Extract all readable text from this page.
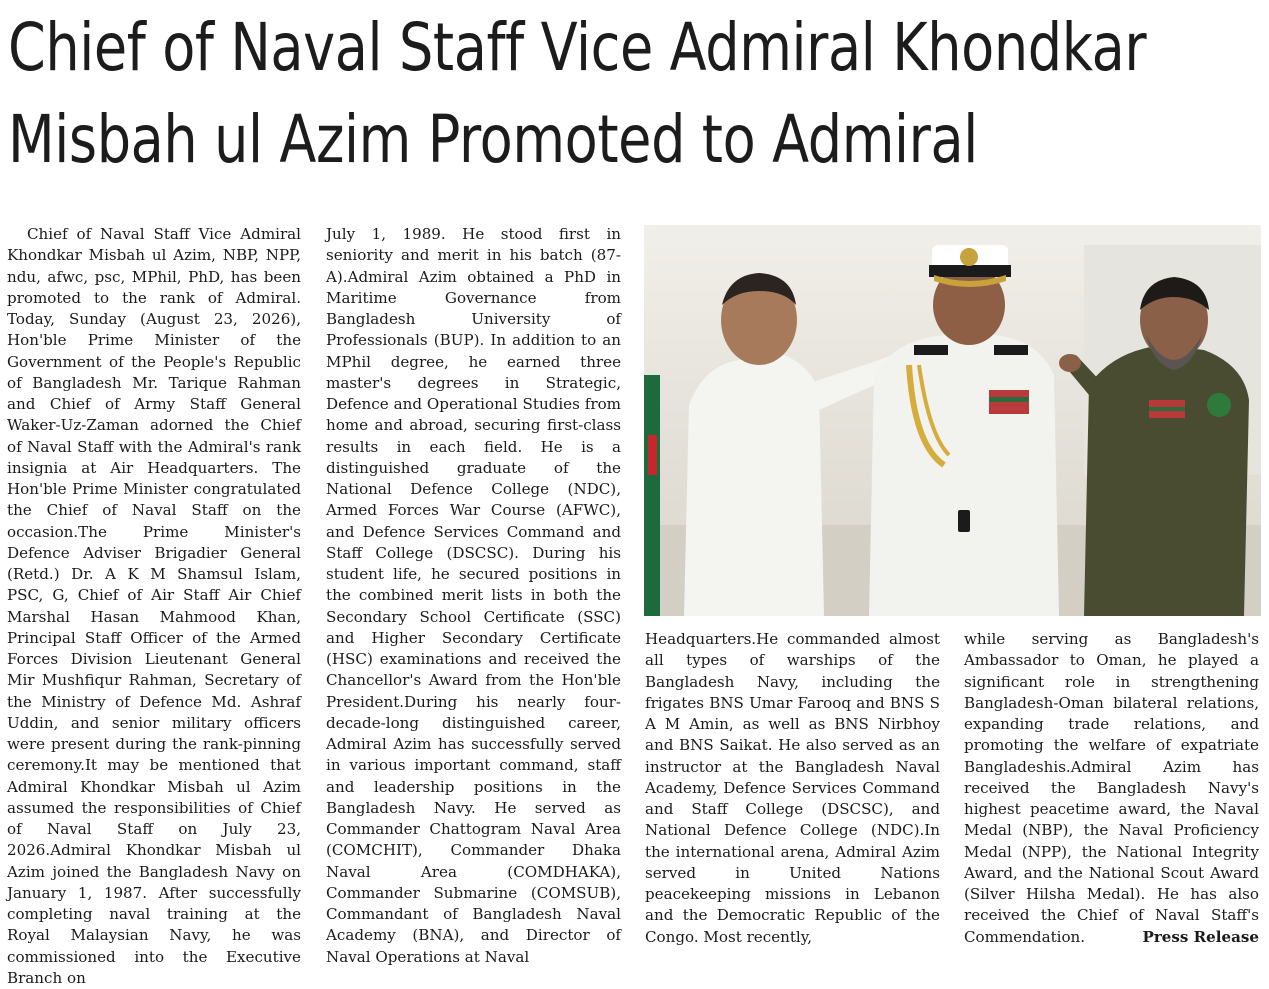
Chief of Naval Staff Vice Admiral Khondkar
Misbah ul Azim Promoted to Admiral

Chief of Naval Staff Vice Admiral Khondkar Misbah ul Azim, NBP, NPP, ndu, afwc, psc, MPhil, PhD, has been promoted to the rank of Admiral. Today, Sunday (August 23, 2026), Hon'ble Prime Minister of the Government of the People's Republic of Bangladesh Mr. Tarique Rahman and Chief of Army Staff General Waker-Uz-Zaman adorned the Chief of Naval Staff with the Admiral's rank insignia at Air Headquarters. The Hon'ble Prime Minister congratulated the Chief of Naval Staff on the occasion.The Prime Minister's Defence Adviser Brigadier General (Retd.) Dr. A K M Shamsul Islam, PSC, G, Chief of Air Staff Air Chief Marshal Hasan Mahmood Khan, Principal Staff Officer of the Armed Forces Division Lieutenant General Mir Mushfiqur Rahman, Secretary of the Ministry of Defence Md. Ashraf Uddin, and senior military officers were present during the rank-pinning ceremony.It may be mentioned that Admiral Khondkar Misbah ul Azim assumed the responsibilities of Chief of Naval Staff on July 23, 2026.Admiral Khondkar Misbah ul Azim joined the Bangladesh Navy on January 1, 1987. After successfully completing naval training at the Royal Malaysian Navy, he was commissioned into the Executive Branch on

July 1, 1989. He stood first in seniority and merit in his batch (87-A).Admiral Azim obtained a PhD in Maritime Governance from Bangladesh University of Professionals (BUP). In addition to an MPhil degree, he earned three master's degrees in Strategic, Defence and Operational Studies from home and abroad, securing first-class results in each field. He is a distinguished graduate of the National Defence College (NDC), Armed Forces War Course (AFWC), and Defence Services Command and Staff College (DSCSC). During his student life, he secured positions in the combined merit lists in both the Secondary School Certificate (SSC) and Higher Secondary Certificate (HSC) examinations and received the Chancellor's Award from the Hon'ble President.During his nearly four-decade-long distinguished career, Admiral Azim has successfully served in various important command, staff and leadership positions in the Bangladesh Navy. He served as Commander Chattogram Naval Area (COMCHIT), Commander Dhaka Naval Area (COMDHAKA), Commander Submarine (COMSUB), Commandant of Bangladesh Naval Academy (BNA), and Director of Naval Operations at Naval

Headquarters.He commanded almost all types of warships of the Bangladesh Navy, including the frigates BNS Umar Farooq and BNS S A M Amin, as well as BNS Nirbhoy and BNS Saikat. He also served as an instructor at the Bangladesh Naval Academy, Defence Services Command and Staff College (DSCSC), and National Defence College (NDC).In the international arena, Admiral Azim served in United Nations peacekeeping missions in Lebanon and the Democratic Republic of the Congo. Most recently,

while serving as Bangladesh's Ambassador to Oman, he played a significant role in strengthening Bangladesh-Oman bilateral relations, expanding trade relations, and promoting the welfare of expatriate Bangladeshis.Admiral Azim has received the Bangladesh Navy's highest peacetime award, the Naval Medal (NBP), the Naval Proficiency Medal (NPP), the National Integrity Award, and the National Scout Award (Silver Hilsha Medal). He has also received the Chief of Naval Staff's Commendation.	Press Release
